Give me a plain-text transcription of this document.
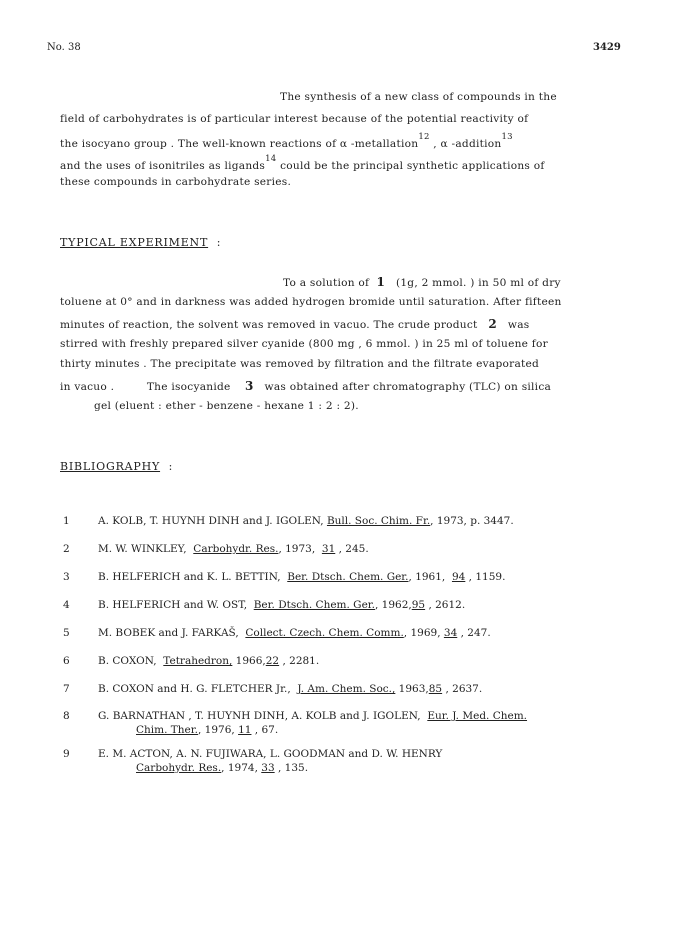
No. 38	3429
The synthesis of a new class of compounds in the
field of carbohydrates is of particular interest because of the potential reactivity of
the isocyano group . The well-known reactions of α -metallation$^{12}$ , α -addition$^{13}$
and the uses of isonitriles as ligands$^{14}$ could be the principal synthetic applications of
these compounds in carbohydrate series.
TYPICAL EXPERIMENT :
To a solution of 1 (1g, 2 mmol. ) in 50 ml of dry
toluene at 0° and in darkness was added hydrogen bromide until saturation. After fifteen
minutes of reaction, the solvent was removed in vacuo. The crude product 2 was
stirred with freshly prepared silver cyanide (800 mg , 6 mmol. ) in 25 ml of toluene for
thirty minutes . The precipitate was removed by filtration and the filtrate evaporated
in vacuo .	The isocyanide 3 was obtained after chromatography (TLC) on silica
gel (eluent : ether - benzene - hexane 1 : 2 : 2).
BIBLIOGRAPHY :
1	A. KOLB, T. HUYNH DINH and J. IGOLEN, Bull. Soc. Chim. Fr., 1973, p. 3447.
2	M. W. WINKLEY, Carbohydr. Res., 1973, 31 , 245.
3	B. HELFERICH and K. L. BETTIN, Ber. Dtsch. Chem. Ger., 1961, 94 , 1159.
4	B. HELFERICH and W. OST, Ber. Dtsch. Chem. Ger., 1962,95 , 2612.
5	M. BOBEK and J. FARKAŠ, Collect. Czech. Chem. Comm., 1969, 34 , 247.
6	B. COXON, Tetrahedron, 1966,22 , 2281.
7	B. COXON and H. G. FLETCHER Jr., J. Am. Chem. Soc., 1963,85 , 2637.
8	G. BARNATHAN , T. HUYNH DINH, A. KOLB and J. IGOLEN, Eur. J. Med. Chem.
Chim. Ther., 1976, 11 , 67.
9	E. M. ACTON, A. N. FUJIWARA, L. GOODMAN and D. W. HENRY
Carbohydr. Res., 1974, 33 , 135.
